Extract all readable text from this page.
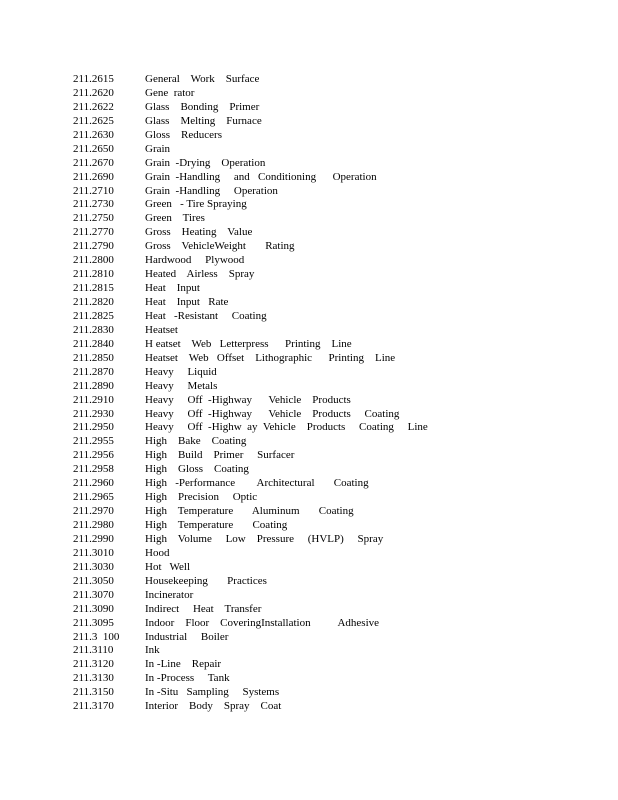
211.2615	General    Work    Surface
211.2620	Gene  rator
211.2622	Glass    Bonding    Primer
211.2625	Glass    Melting    Furnace
211.2630	Gloss    Reducers
211.2650	Grain
211.2670	Grain  -Drying    Operation
211.2690	Grain  -Handling     and   Conditioning      Operation
211.2710	Grain  -Handling     Operation
211.2730	Green   - Tire Spraying
211.2750	Green    Tires
211.2770	Gross    Heating    Value
211.2790	Gross    VehicleWeight       Rating
211.2800	Hardwood     Plywood
211.2810	Heated    Airless    Spray
211.2815	Heat    Input
211.2820	Heat    Input   Rate
211.2825	Heat   -Resistant     Coating
211.2830	Heatset
211.2840	H eatset    Web   Letterpress      Printing    Line
211.2850	Heatset    Web   Offset    Lithographic      Printing    Line
211.2870	Heavy     Liquid
211.2890	Heavy     Metals
211.2910	Heavy     Off  -Highway      Vehicle    Products
211.2930	Heavy     Off  -Highway      Vehicle    Products     Coating
211.2950	Heavy     Off  -Highw  ay  Vehicle    Products     Coating     Line
211.2955	High    Bake    Coating
211.2956	High    Build    Primer     Surfacer
211.2958	High    Gloss    Coating
211.2960	High   -Performance        Architectural       Coating
211.2965	High    Precision     Optic
211.2970	High    Temperature       Aluminum       Coating
211.2980	High    Temperature       Coating
211.2990	High    Volume     Low    Pressure     (HVLP)     Spray
211.3010	Hood
211.3030	Hot   Well
211.3050	Housekeeping       Practices
211.3070	Incinerator
211.3090	Indirect     Heat    Transfer
211.3095	Indoor    Floor    CoveringInstallation          Adhesive
211.3  100 Industrial     Boiler
211.3110	Ink
211.3120	In -Line    Repair
211.3130	In -Process     Tank
211.3150	In -Situ   Sampling     Systems
211.3170	Interior    Body    Spray    Coat
